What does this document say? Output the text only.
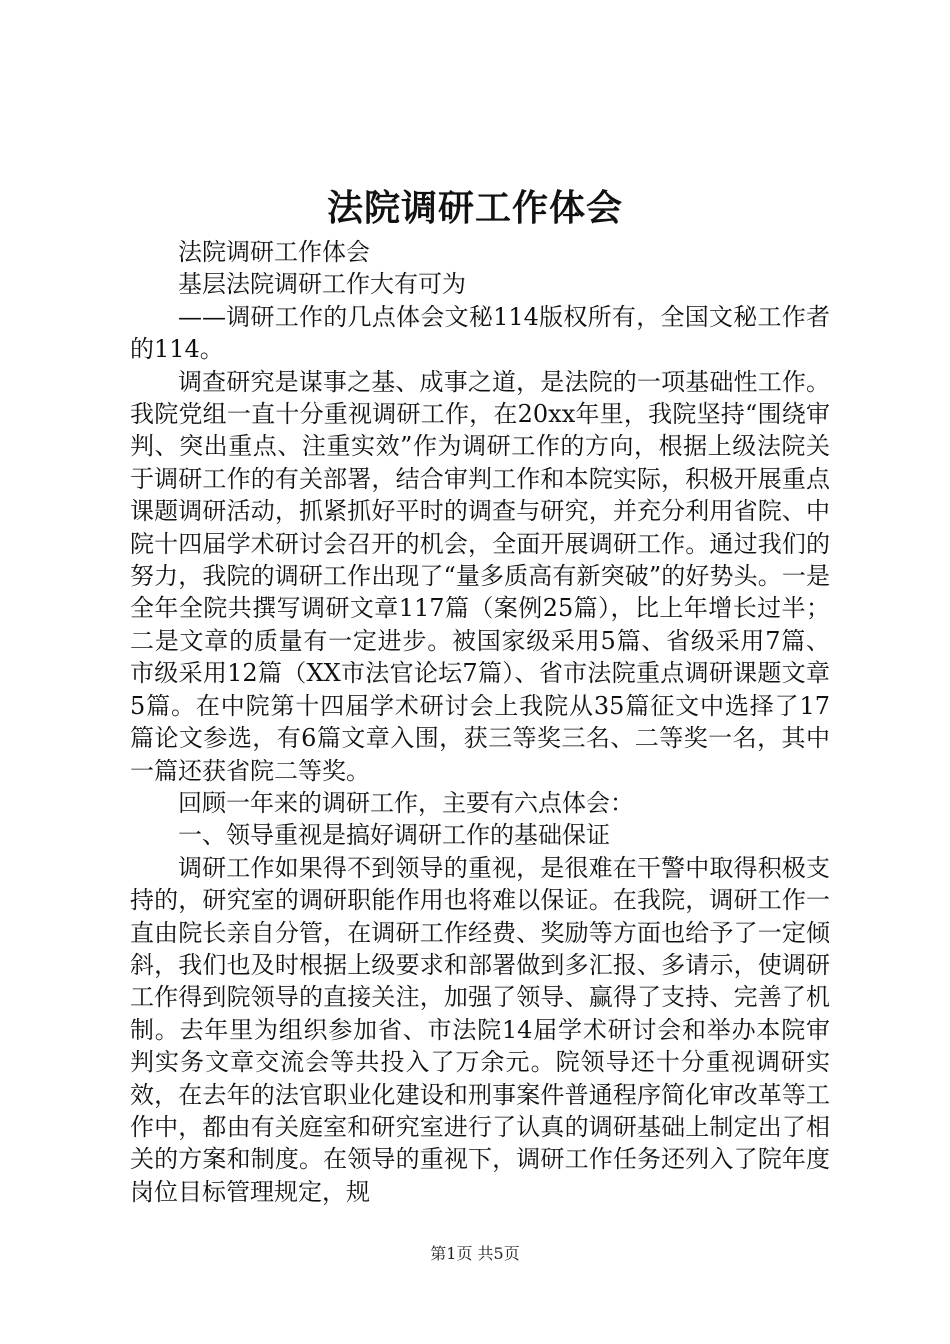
法院调研工作体会

法院调研工作体会

基层法院调研工作大有可为

——调研工作的几点体会文秘114版权所有，全国文秘工作者的114。

调查研究是谋事之基、成事之道，是法院的一项基础性工作。我院党组一直十分重视调研工作，在20xx年里，我院坚持“围绕审判、突出重点、注重实效”作为调研工作的方向，根据上级法院关于调研工作的有关部署，结合审判工作和本院实际，积极开展重点课题调研活动，抓紧抓好平时的调查与研究，并充分利用省院、中院十四届学术研讨会召开的机会，全面开展调研工作。通过我们的努力，我院的调研工作出现了“量多质高有新突破”的好势头。一是全年全院共撰写调研文章117篇（案例25篇），比上年增长过半；二是文章的质量有一定进步。被国家级采用5篇、省级采用7篇、市级采用12篇（XX市法官论坛7篇）、省市法院重点调研课题文章5篇。在中院第十四届学术研讨会上我院从35篇征文中选择了17篇论文参选，有6篇文章入围，获三等奖三名、二等奖一名，其中一篇还获省院二等奖。

回顾一年来的调研工作，主要有六点体会：

一、领导重视是搞好调研工作的基础保证

调研工作如果得不到领导的重视，是很难在干警中取得积极支持的，研究室的调研职能作用也将难以保证。在我院，调研工作一直由院长亲自分管，在调研工作经费、奖励等方面也给予了一定倾斜，我们也及时根据上级要求和部署做到多汇报、多请示，使调研工作得到院领导的直接关注，加强了领导、赢得了支持、完善了机制。去年里为组织参加省、市法院14届学术研讨会和举办本院审判实务文章交流会等共投入了万余元。院领导还十分重视调研实效，在去年的法官职业化建设和刑事案件普通程序简化审改革等工作中，都由有关庭室和研究室进行了认真的调研基础上制定出了相关的方案和制度。在领导的重视下，调研工作任务还列入了院年度岗位目标管理规定，规

第1页 共5页
